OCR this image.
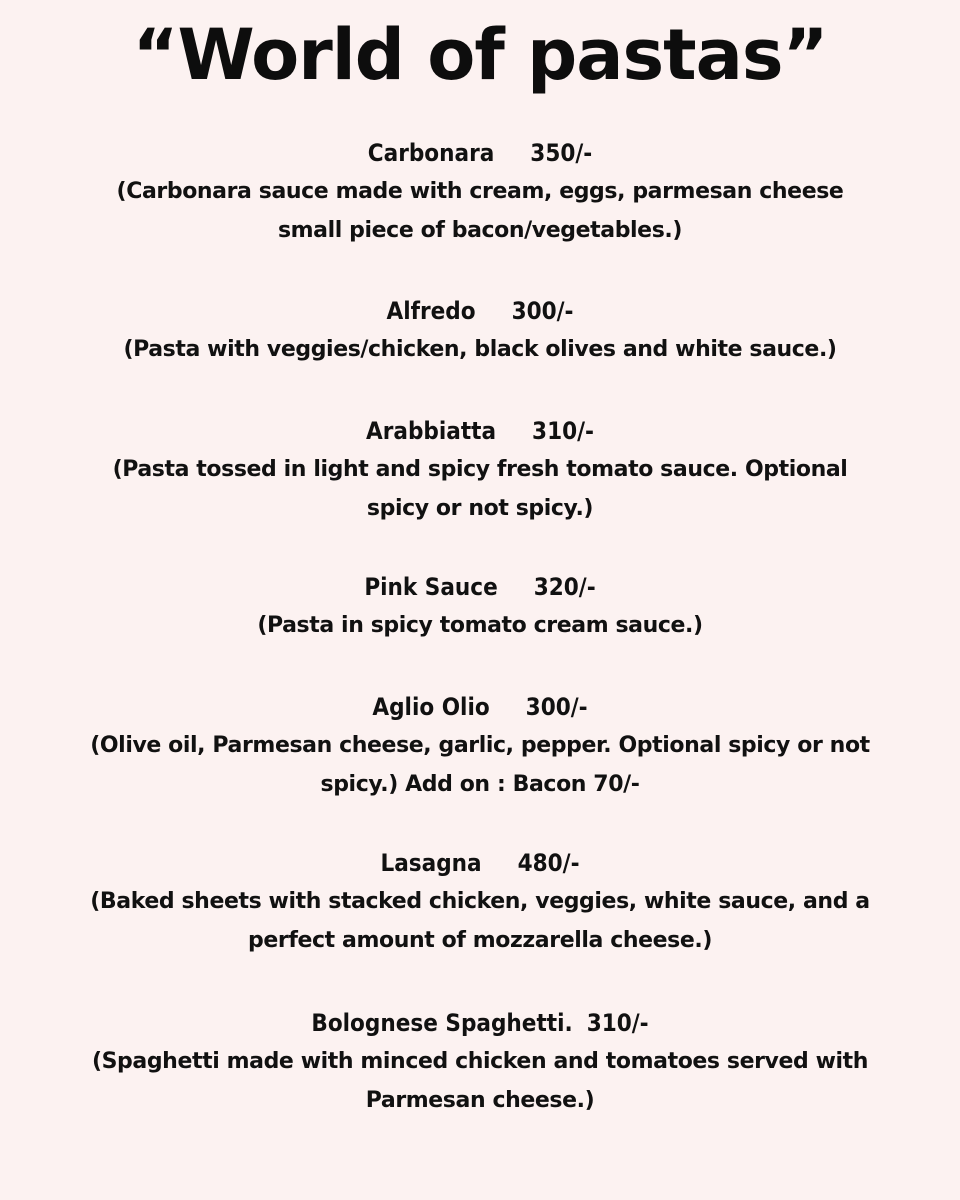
“World of pastas”
Carbonara 350/-
(Carbonara sauce made with cream, eggs, parmesan cheese
small piece of bacon/vegetables.)
Alfredo 300/-
(Pasta with veggies/chicken, black olives and white sauce.)
Arabbiatta 310/-
(Pasta tossed in light and spicy fresh tomato sauce. Optional
spicy or not spicy.)
Pink Sauce 320/-
(Pasta in spicy tomato cream sauce.)
Aglio Olio 300/-
(Olive oil, Parmesan cheese, garlic, pepper. Optional spicy or not
spicy.) Add on : Bacon 70/-
Lasagna 480/-
(Baked sheets with stacked chicken, veggies, white sauce, and a
perfect amount of mozzarella cheese.)
Bolognese Spaghetti. 310/-
(Spaghetti made with minced chicken and tomatoes served with
Parmesan cheese.)
